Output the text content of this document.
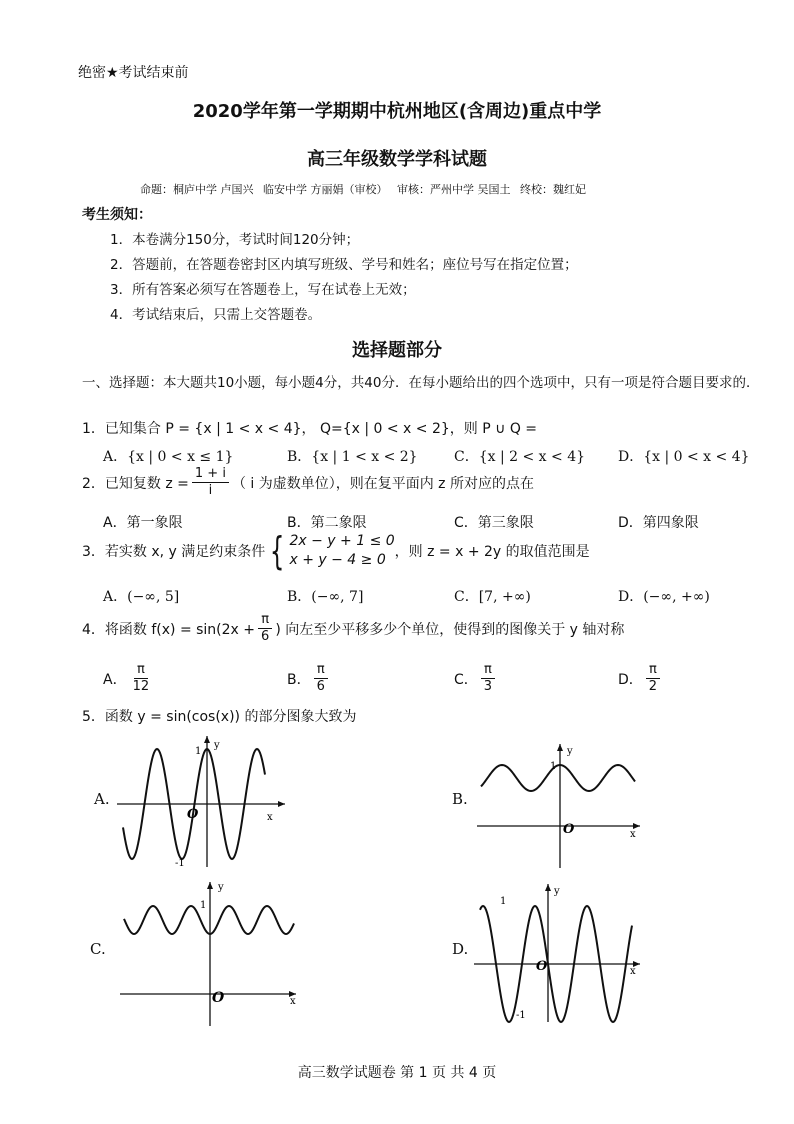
绝密★考试结束前
2020学年第一学期期中杭州地区(含周边)重点中学
高三年级数学学科试题
命题：桐庐中学 卢国兴 临安中学 方丽娟（审校） 审核：严州中学 吴国土 终校：魏红妃
考生须知：
1．本卷满分150分，考试时间120分钟；
2．答题前，在答题卷密封区内填写班级、学号和姓名；座位号写在指定位置；
3．所有答案必须写在答题卷上，写在试卷上无效；
4．考试结束后，只需上交答题卷。
选择题部分
一、选择题：本大题共10小题，每小题4分，共40分．在每小题给出的四个选项中，只有一项是符合题目要求的．
1．已知集合 P = {x | 1 < x < 4}， Q={x | 0 < x < 2}，则 P ∪ Q =
A．{x | 0 < x ≤ 1}	B．{x | 1 < x < 2}	C．{x | 2 < x < 4} D．{x | 0 < x < 4}
2．已知复数 $z = \frac{1 + i}{i}$ （ i 为虚数单位），则在复平面内 z 所对应的点在
A．第一象限	B．第二象限	C．第三象限	D．第四象限
3．若实数 x, y 满足约束条件 { 2x − y + 1 ≤ 0
x + y − 4 ≥ 0 ，则 z = x + 2y 的取值范围是
A．(−∞, 5]	B．(−∞, 7]	C．[7, +∞)	D．(−∞, +∞)
4．将函数 $f(x) = \sin(2x + \frac{\pi}{6}$ ) 向左至少平移多少个单位，使得到的图像关于 y 轴对称
A． $\frac{\pi}{12}$	B． $\frac{\pi}{6}$	C． $\frac{\pi}{3}$	D． $\frac{\pi}{2}$
5．函数 y = sin(cos(x)) 的部分图象大致为
A.
1
-1
O	x
y
B.
1
O	x
y
C.
1
O	x
y
D.
1
-1
O	x
y
高三数学试题卷 第 1 页 共 4 页
